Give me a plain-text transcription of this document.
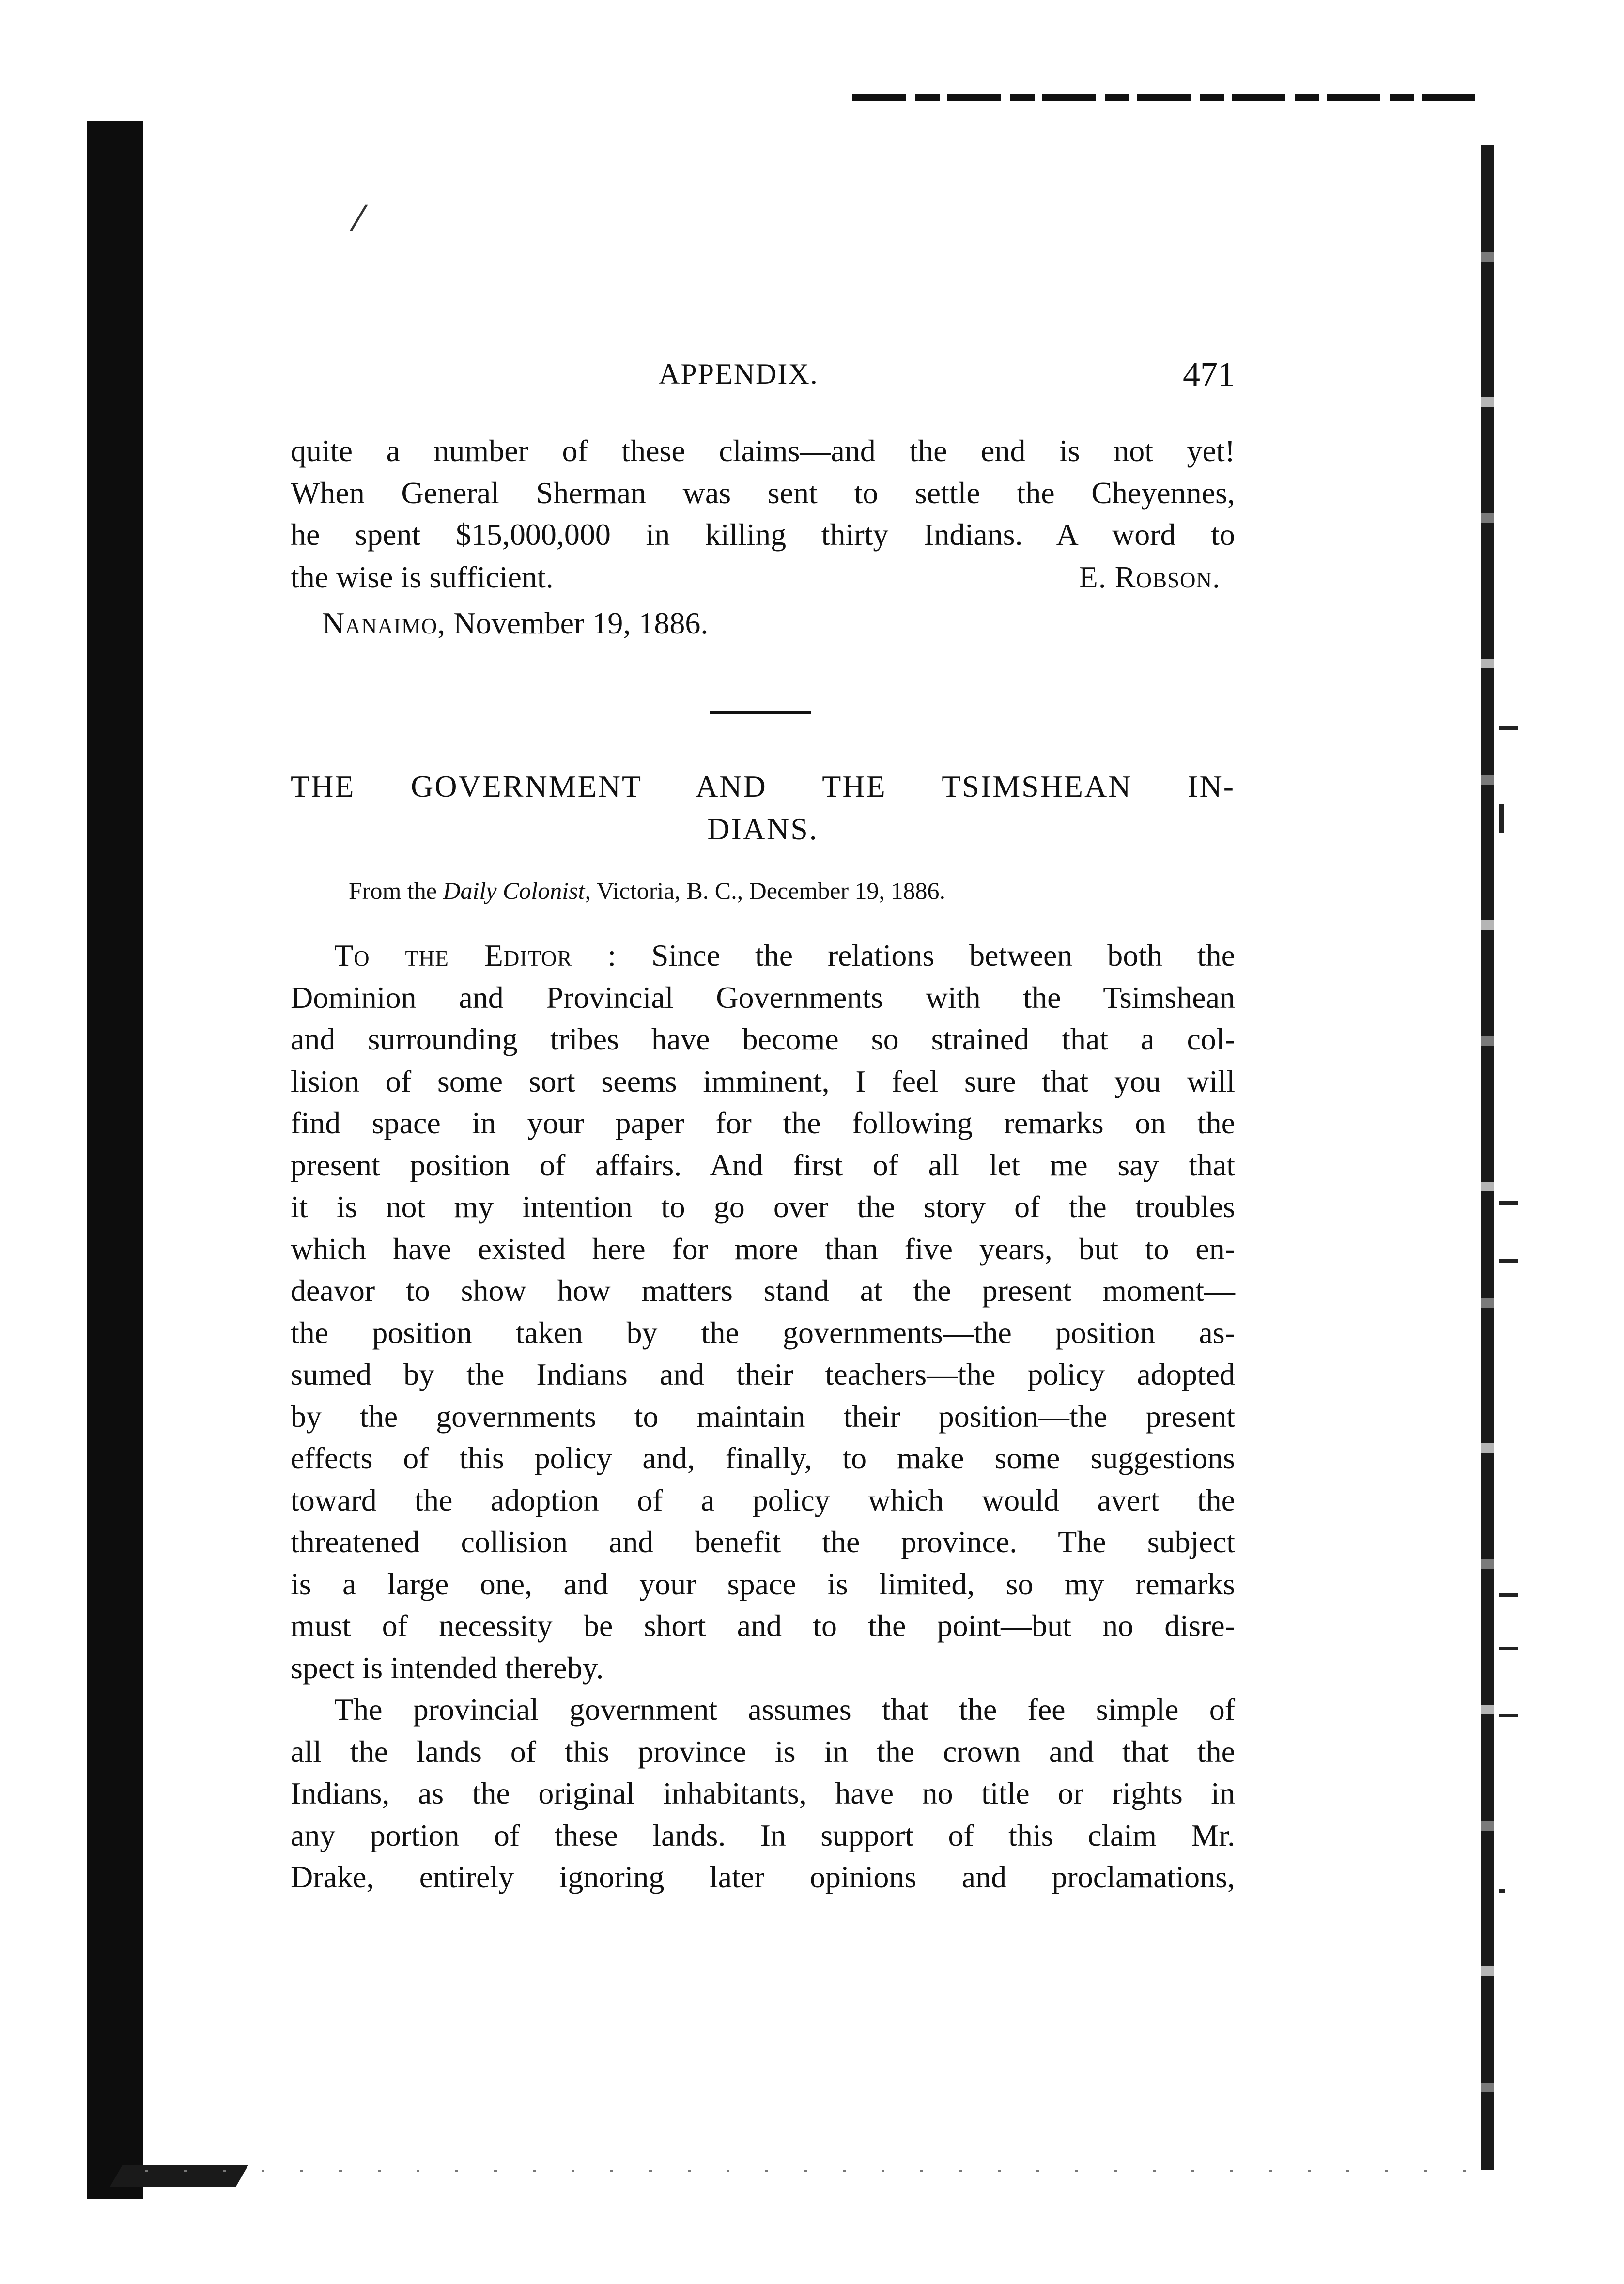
⁄
APPENDIX.	471
quite a number of these claims—and the end is not yet!
When General Sherman was sent to settle the Cheyennes,
he spent $15,000,000 in killing thirty Indians. A word to
the wise is sufficient.	E. Robson.
Nanaimo, November 19, 1886.
THE GOVERNMENT AND THE TSIMSHEAN IN-
DIANS.
From the Daily Colonist, Victoria, B. C., December 19, 1886.
To the Editor : Since the relations between both the
Dominion and Provincial Governments with the Tsimshean
and surrounding tribes have become so strained that a col-
lision of some sort seems imminent, I feel sure that you will
find space in your paper for the following remarks on the
present position of affairs. And first of all let me say that
it is not my intention to go over the story of the troubles
which have existed here for more than five years, but to en-
deavor to show how matters stand at the present moment—
the position taken by the governments—the position as-
sumed by the Indians and their teachers—the policy adopted
by the governments to maintain their position—the present
effects of this policy and, finally, to make some suggestions
toward the adoption of a policy which would avert the
threatened collision and benefit the province. The subject
is a large one, and your space is limited, so my remarks
must of necessity be short and to the point—but no disre-
spect is intended thereby.
The provincial government assumes that the fee simple of
all the lands of this province is in the crown and that the
Indians, as the original inhabitants, have no title or rights in
any portion of these lands. In support of this claim Mr.
Drake, entirely ignoring later opinions and proclamations,
